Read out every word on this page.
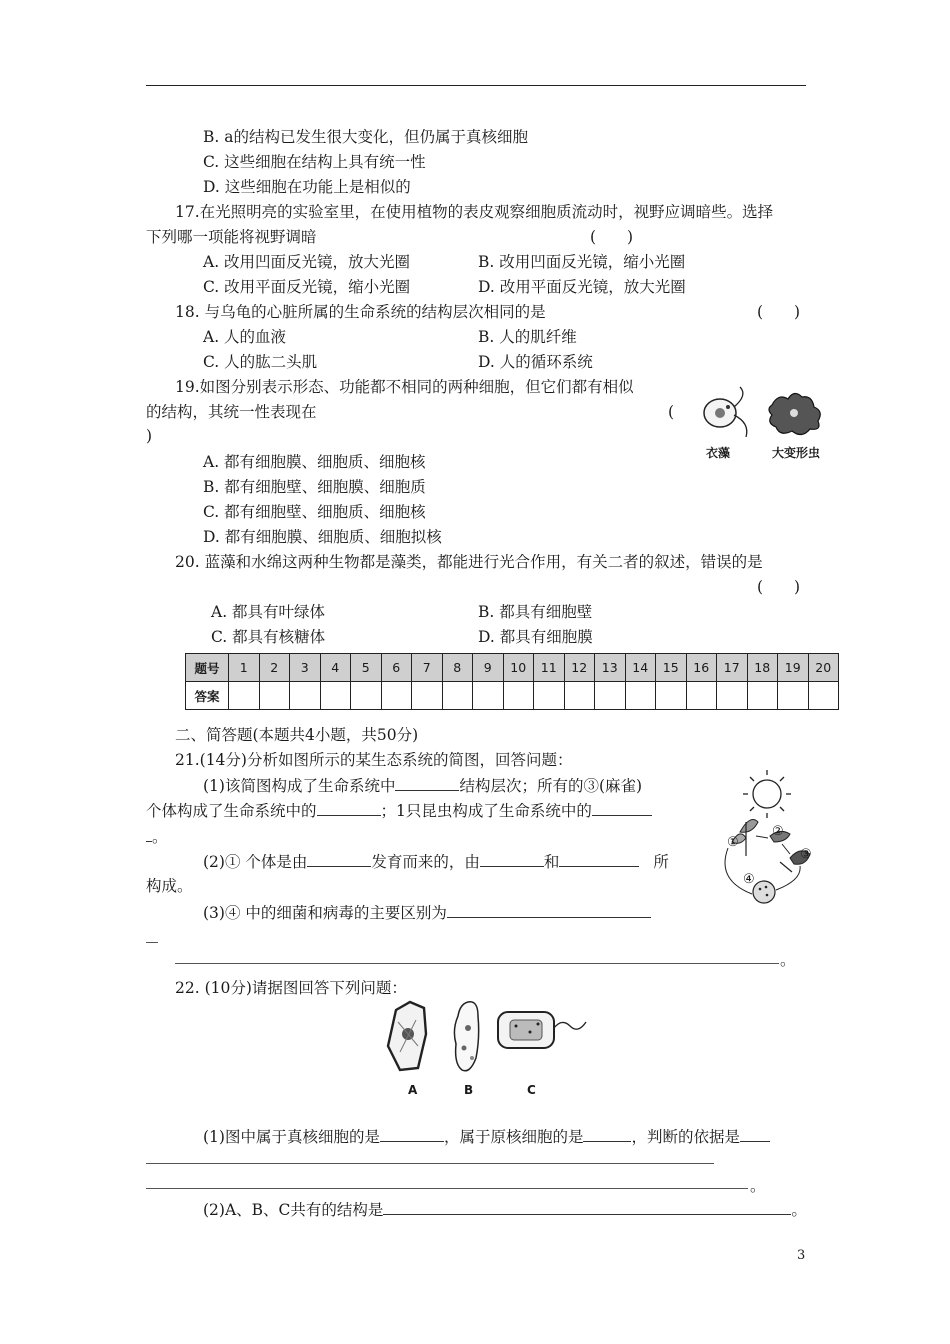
B. a的结构已发生很大变化，但仍属于真核细胞
C. 这些细胞在结构上具有统一性
D. 这些细胞在功能上是相似的
17.在光照明亮的实验室里，在使用植物的表皮观察细胞质流动时，视野应调暗些。选择
下列哪一项能将视野调暗	(　　)
A. 改用凹面反光镜，放大光圈	B. 改用凹面反光镜，缩小光圈
C. 改用平面反光镜，缩小光圈	D. 改用平面反光镜，放大光圈
18. 与乌龟的心脏所属的生命系统的结构层次相同的是	(　　)
A. 人的血液	B. 人的肌纤维
C. 人的肱二头肌	D. 人的循环系统
19.如图分别表示形态、功能都不相同的两种细胞，但它们都有相似
的结构，其统一性表现在	(
)
A. 都有细胞膜、细胞质、细胞核
B. 都有细胞壁、细胞膜、细胞质
C. 都有细胞壁、细胞质、细胞核
D. 都有细胞膜、细胞质、细胞拟核
衣藻	大变形虫
20. 蓝藻和水绵这两种生物都是藻类，都能进行光合作用，有关二者的叙述，错误的是
(　　)
A. 都具有叶绿体	B. 都具有细胞壁
C. 都具有核糖体	D. 都具有细胞膜
题号	1	2	3	4	5	6	7	8	9	10	11	12	13	14	15	16	17	18	19	20
答案																				
二、简答题(本题共4小题，共50分)
21.(14分)分析如图所示的某生态系统的简图，回答问题：
(1)该简图构成了生命系统中	结构层次；所有的③(麻雀)
个体构成了生命系统中的	；1只昆虫构成了生命系统中的
。
(2)① 个体是由	发育而来的，由	和	所
构成。
(3)④ 中的细菌和病毒的主要区别为
。
①
②
③
④
22. (10分)请据图回答下列问题：
A	B	C
(1)图中属于真核细胞的是	，属于原核细胞的是	，判断的依据是
。
(2)A、B、C共有的结构是	。
3
